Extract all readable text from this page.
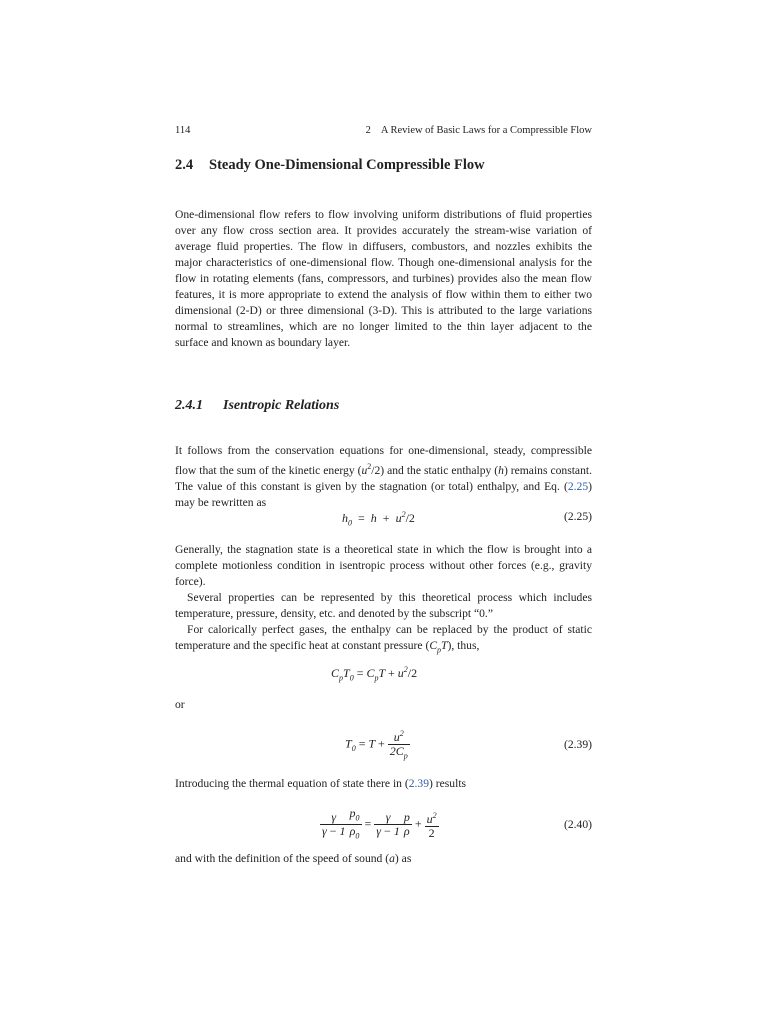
114	2 A Review of Basic Laws for a Compressible Flow
2.4 Steady One-Dimensional Compressible Flow

One-dimensional flow refers to flow involving uniform distributions of fluid properties over any flow cross section area. It provides accurately the stream-wise variation of average fluid properties. The flow in diffusers, combustors, and nozzles exhibits the major characteristics of one-dimensional flow. Though one-dimensional analysis for the flow in rotating elements (fans, compressors, and turbines) provides also the mean flow features, it is more appropriate to extend the analysis of flow within them to either two dimensional (2-D) or three dimensional (3-D). This is attributed to the large variations normal to streamlines, which are no longer limited to the thin layer adjacent to the surface and known as boundary layer.

2.4.1 Isentropic Relations

It follows from the conservation equations for one-dimensional, steady, compressible flow that the sum of the kinetic energy $(u^2/2)$ and the static enthalpy (h) remains constant. The value of this constant is given by the stagnation (or total) enthalpy, and Eq. (2.25) may be rewritten as

$h_0 = h + u^2/2$	(2.25)

Generally, the stagnation state is a theoretical state in which the flow is brought into a complete motionless condition in isentropic process without other forces (e.g., gravity force).

Several properties can be represented by this theoretical process which includes temperature, pressure, density, etc. and denoted by the subscript “0.”

For calorically perfect gases, the enthalpy can be replaced by the product of static temperature and the specific heat at constant pressure $(C_pT)$, thus,

$C_pT_0 = C_pT + u^2/2$
or
$T_0 = T + \frac{u^2}{2C_p}$	(2.39)

Introducing the thermal equation of state there in (2.39) results

$\frac{\gamma}{\gamma - 1} \frac{p_0}{\rho_0} = \frac{\gamma}{\gamma - 1} \frac{p}{\rho} + \frac{u^2}{2}$	(2.40)

and with the definition of the speed of sound (a) as
